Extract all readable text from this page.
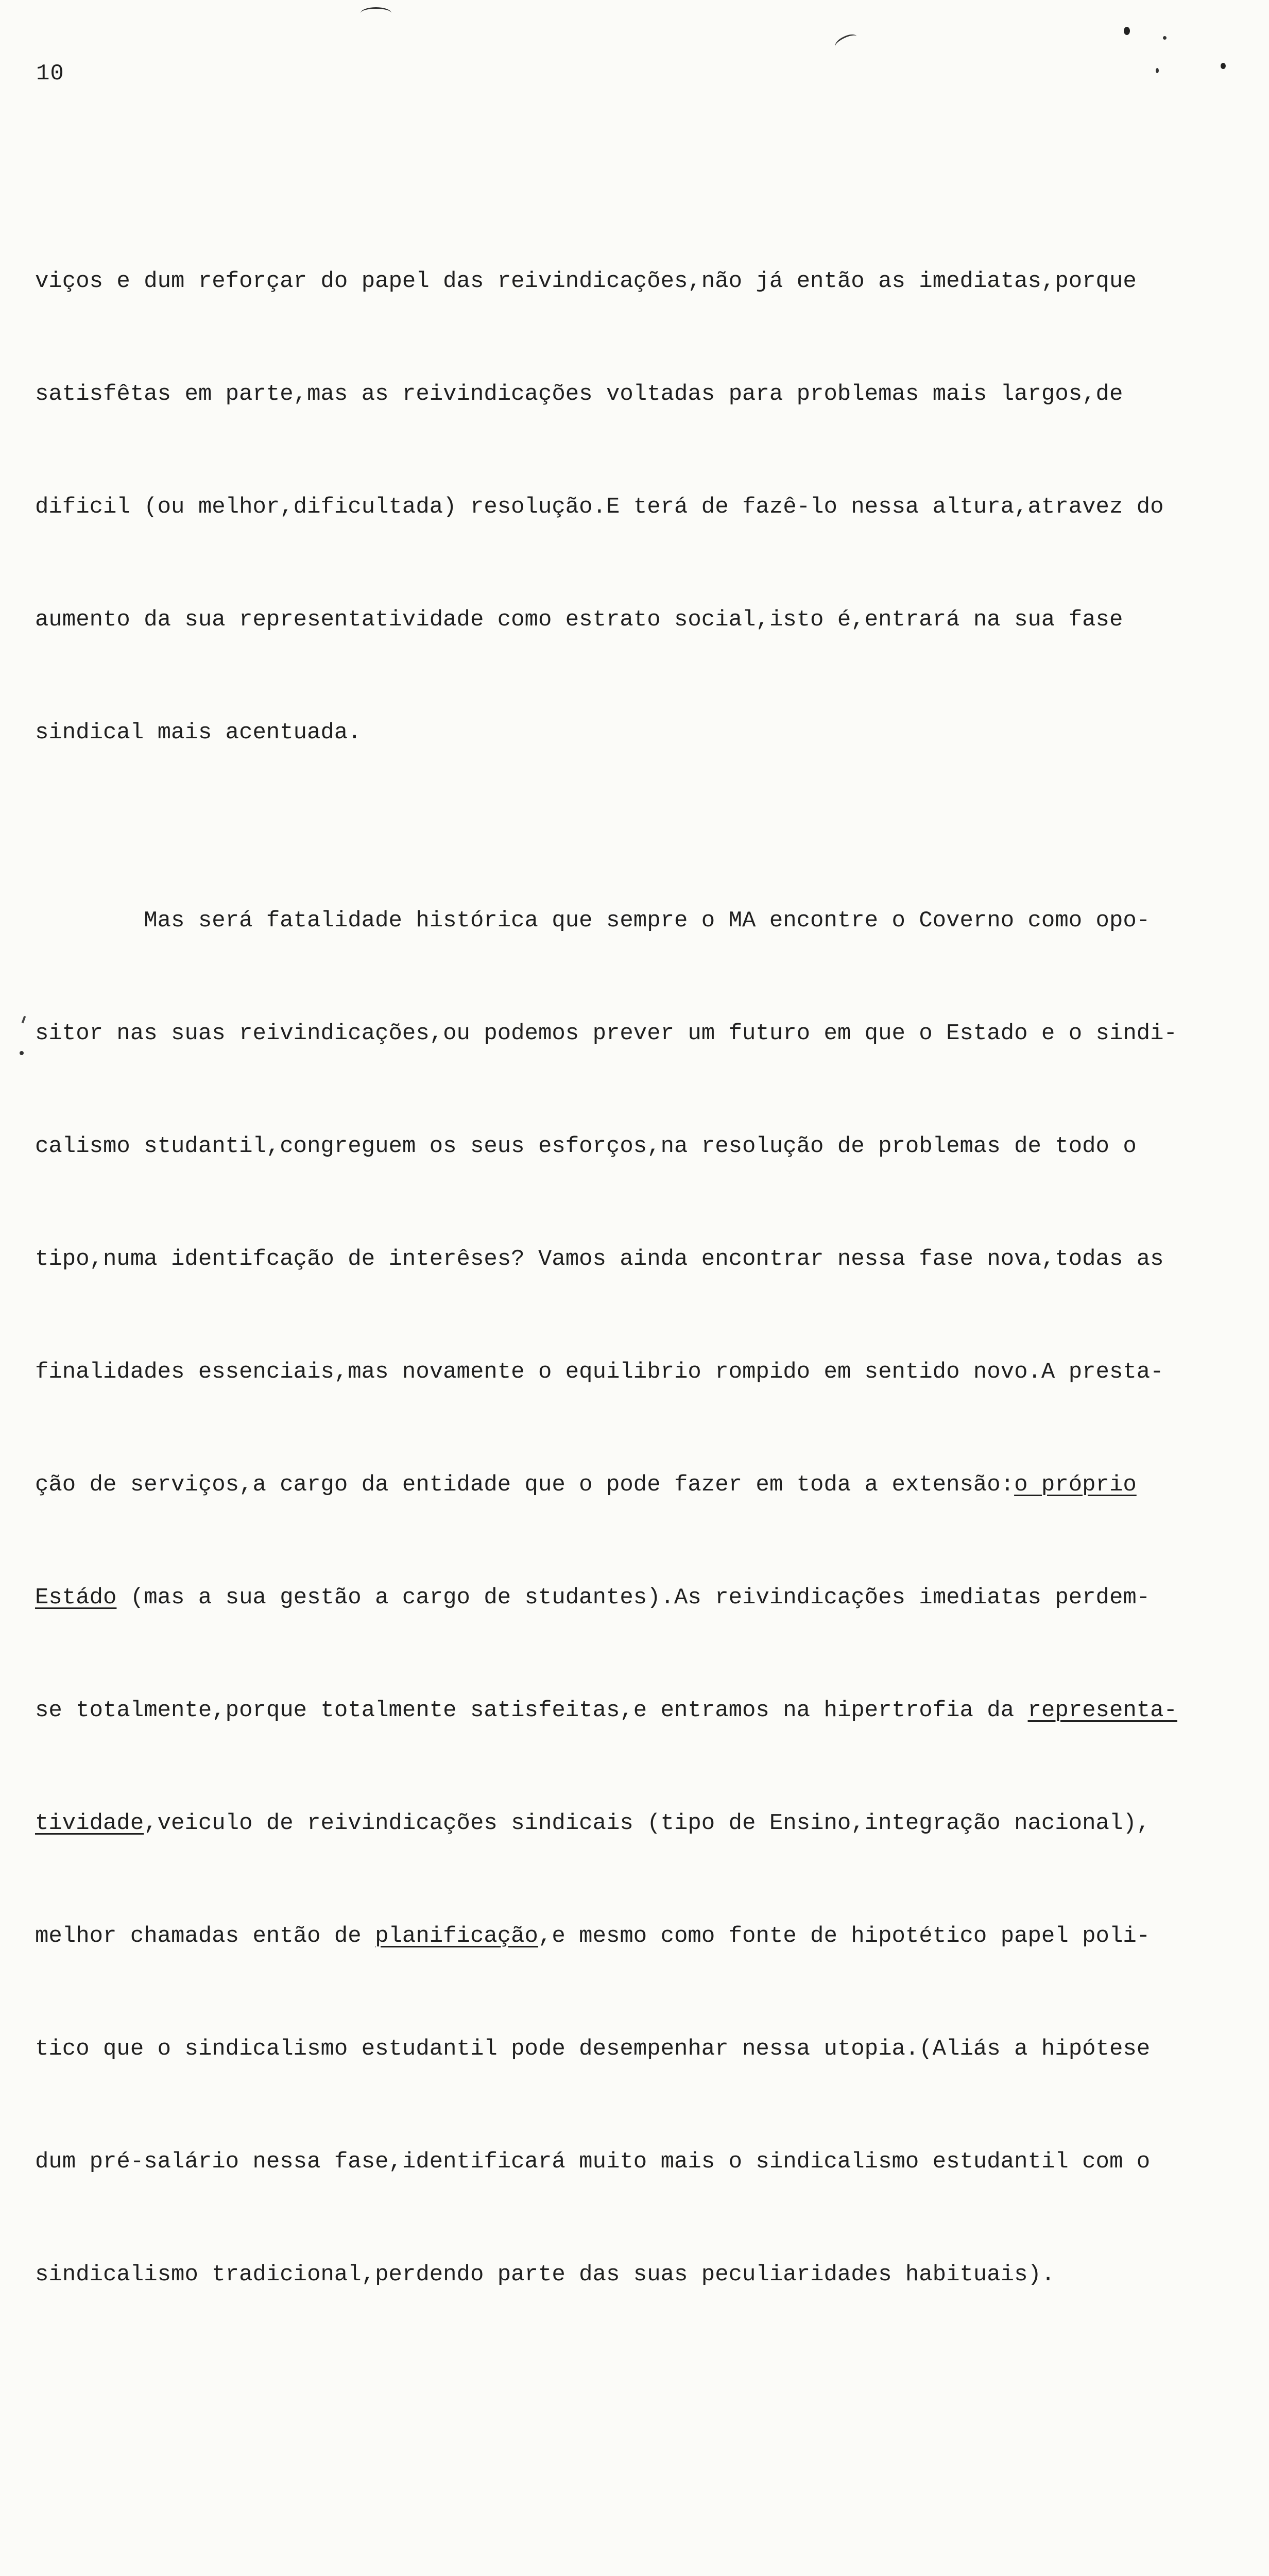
10

viços e dum reforçar do papel das reivindicações,não já então as imediatas,porque

satisfêtas em parte,mas as reivindicações voltadas para problemas mais largos,de

dificil (ou melhor,dificultada) resolução.E terá de fazê-lo nessa altura,atravez do

aumento da sua representatividade como estrato social,isto é,entrará na sua fase

sindical mais acentuada.

Mas será fatalidade histórica que sempre o MA encontre o Coverno como opo-

sitor nas suas reivindicações,ou podemos prever um futuro em que o Estado e o sindi-

calismo studantil,congreguem os seus esforços,na resolução de problemas de todo o

tipo,numa identifcação de interêses? Vamos ainda encontrar nessa fase nova,todas as

finalidades essenciais,mas novamente o equilibrio rompido em sentido novo.A presta-

ção de serviços,a cargo da entidade que o pode fazer em toda a extensão:o próprio

Estádo (mas a sua gestão a cargo de studantes).As reivindicações imediatas perdem-

se totalmente,porque totalmente satisfeitas,e entramos na hipertrofia da representa-

tividade,veiculo de reivindicações sindicais (tipo de Ensino,integração nacional),

melhor chamadas então de planificação,e mesmo como fonte de hipotético papel poli-

tico que o sindicalismo estudantil pode desempenhar nessa utopia.(Aliás a hipótese

dum pré-salário nessa fase,identificará muito mais o sindicalismo estudantil com o

sindicalismo tradicional,perdendo parte das suas peculiaridades habituais).
